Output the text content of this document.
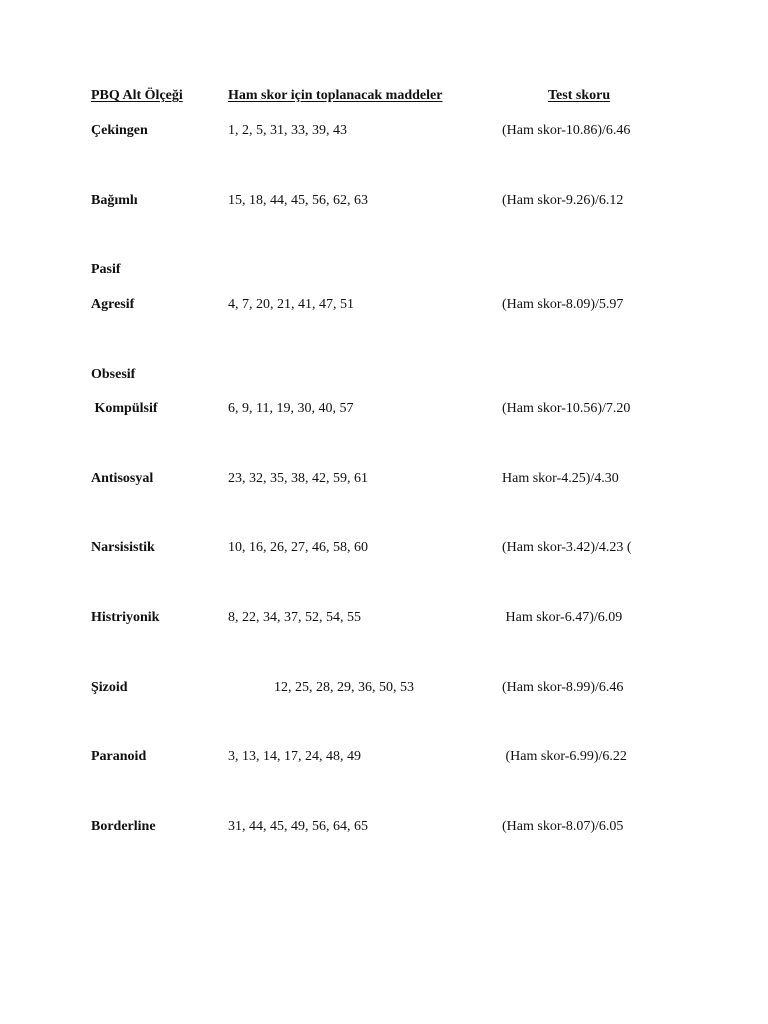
PBQ Alt Ölçeği	Ham skor için toplanacak maddeler	Test skoru
Çekingen	1, 2, 5, 31, 33, 39, 43	(Ham skor-10.86)/6.46
Bağımlı	15, 18, 44, 45, 56, 62, 63	(Ham skor-9.26)/6.12
Pasif
Agresif	4, 7, 20, 21, 41, 47, 51	(Ham skor-8.09)/5.97
Obsesif
Kompülsif	6, 9, 11, 19, 30, 40, 57	(Ham skor-10.56)/7.20
Antisosyal	23, 32, 35, 38, 42, 59, 61	Ham skor-4.25)/4.30
Narsisistik	10, 16, 26, 27, 46, 58, 60	(Ham skor-3.42)/4.23 (
Histriyonik	8, 22, 34, 37, 52, 54, 55	Ham skor-6.47)/6.09
Şizoid	12, 25, 28, 29, 36, 50, 53	(Ham skor-8.99)/6.46
Paranoid	3, 13, 14, 17, 24, 48, 49	(Ham skor-6.99)/6.22
Borderline	31, 44, 45, 49, 56, 64, 65	(Ham skor-8.07)/6.05
